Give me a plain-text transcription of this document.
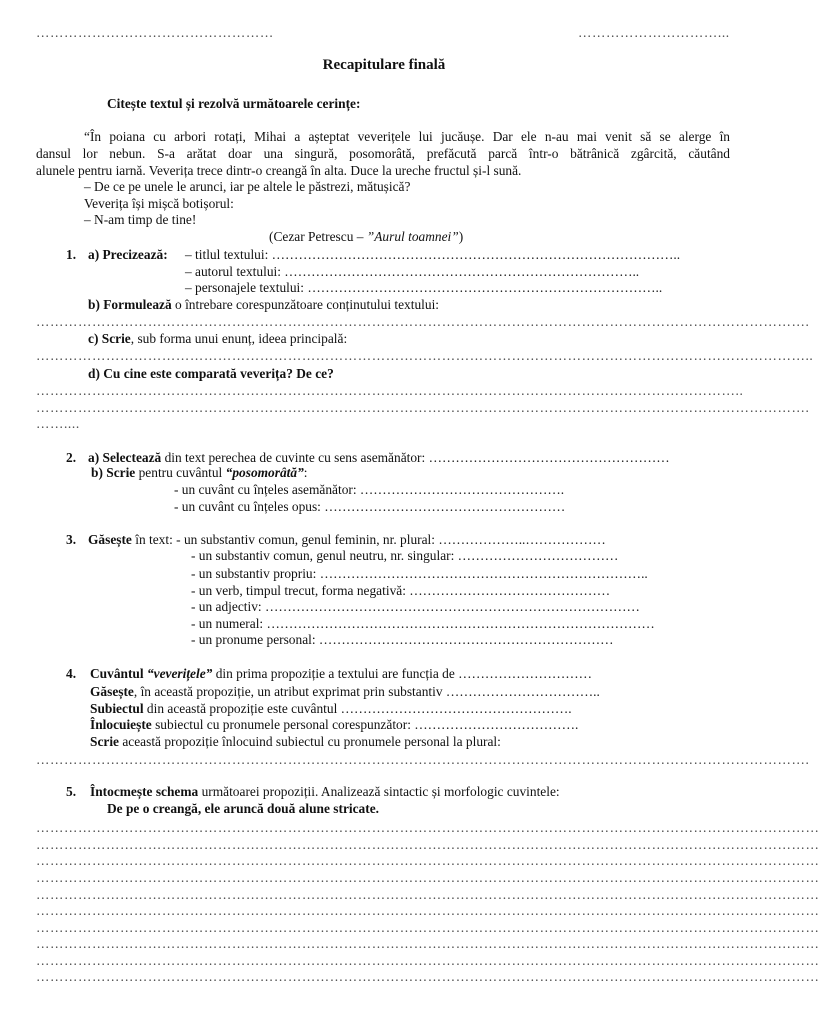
……………………………………………	…………………………...
Recapitulare finală
Citește textul și rezolvă următoarele cerințe:
“În poiana cu arbori rotați, Mihai a așteptat veverițele lui jucăușe. Dar ele n-au mai venit să se alerge în
dansul lor nebun. S-a arătat doar una singură, posomorâtă, prefăcută parcă într-o bătrânică zgârcită, căutând
alunele pentru iarnă. Veverița trece dintr-o creangă în alta. Duce la ureche fructul și-l sună.
– De ce pe unele le arunci, iar pe altele le păstrezi, mătușică?
Veverița își mișcă botișorul:
– N-am timp de tine!
(Cezar Petrescu – ”Aurul toamnei”)
1. a) Precizează: – titlul textului: ………………………………………………………………………………..
– autorul textului: ……………………………………………………………………..
– personajele textului: ……………………………………………………………………..
b) Formulează o întrebare corespunzătoare conținutului textului:
………………………………………………………………………………………………………………………………………………….
c) Scrie, sub forma unui enunț, ideea principală:
…………………………………………………………………………………………………………………………………………………..
d) Cu cine este comparată veverița? De ce?
……………………………………………………………………………………………………………………………………..
………………………………………………………………………………………………………………………………………………….
……....
2. a) Selectează din text perechea de cuvinte cu sens asemănător: ………………………………………………
b) Scrie pentru cuvântul “posomorâtă”:
- un cuvânt cu înțeles asemănător: ……………………………………….
- un cuvânt cu înțeles opus: ………………………………………………
3. Găsește în text: - un substantiv comun, genul feminin, nr. plural: ………………..………………
- un substantiv comun, genul neutru, nr. singular: ………………………………
- un substantiv propriu: ………………………………………………………………..
- un verb, timpul trecut, forma negativă: ………………………………………
- un adjectiv: …………………………………………………………………………
- un numeral: ……………………………………………………………………………
- un pronume personal: …………………………………………………………
4. Cuvântul “veverițele” din prima propoziție a textului are funcția de …………………………
Găsește, în această propoziție, un atribut exprimat prin substantiv ……………………………..
Subiectul din această propoziție este cuvântul …………………………………………….
Înlocuiește subiectul cu pronumele personal corespunzător: ……………………………….
Scrie această propoziție înlocuind subiectul cu pronumele personal la plural:
………………………………………………………………………………………………………………………………………………….
5. Întocmește schema următoarei propoziții. Analizează sintactic și morfologic cuvintele:
De pe o creangă, ele aruncă două alune stricate.
……………………………………………………………………………………………………………………………………………………
……………………………………………………………………………………………………………………………………………………
……………………………………………………………………………………………………………………………………………………
……………………………………………………………………………………………………………………………………………………
……………………………………………………………………………………………………………………………………………………
……………………………………………………………………………………………………………………………………………………
……………………………………………………………………………………………………………………………………………………
……………………………………………………………………………………………………………………………………………………
……………………………………………………………………………………………………………………………………………………
……………………………………………………………………………………………………………………………………………………
